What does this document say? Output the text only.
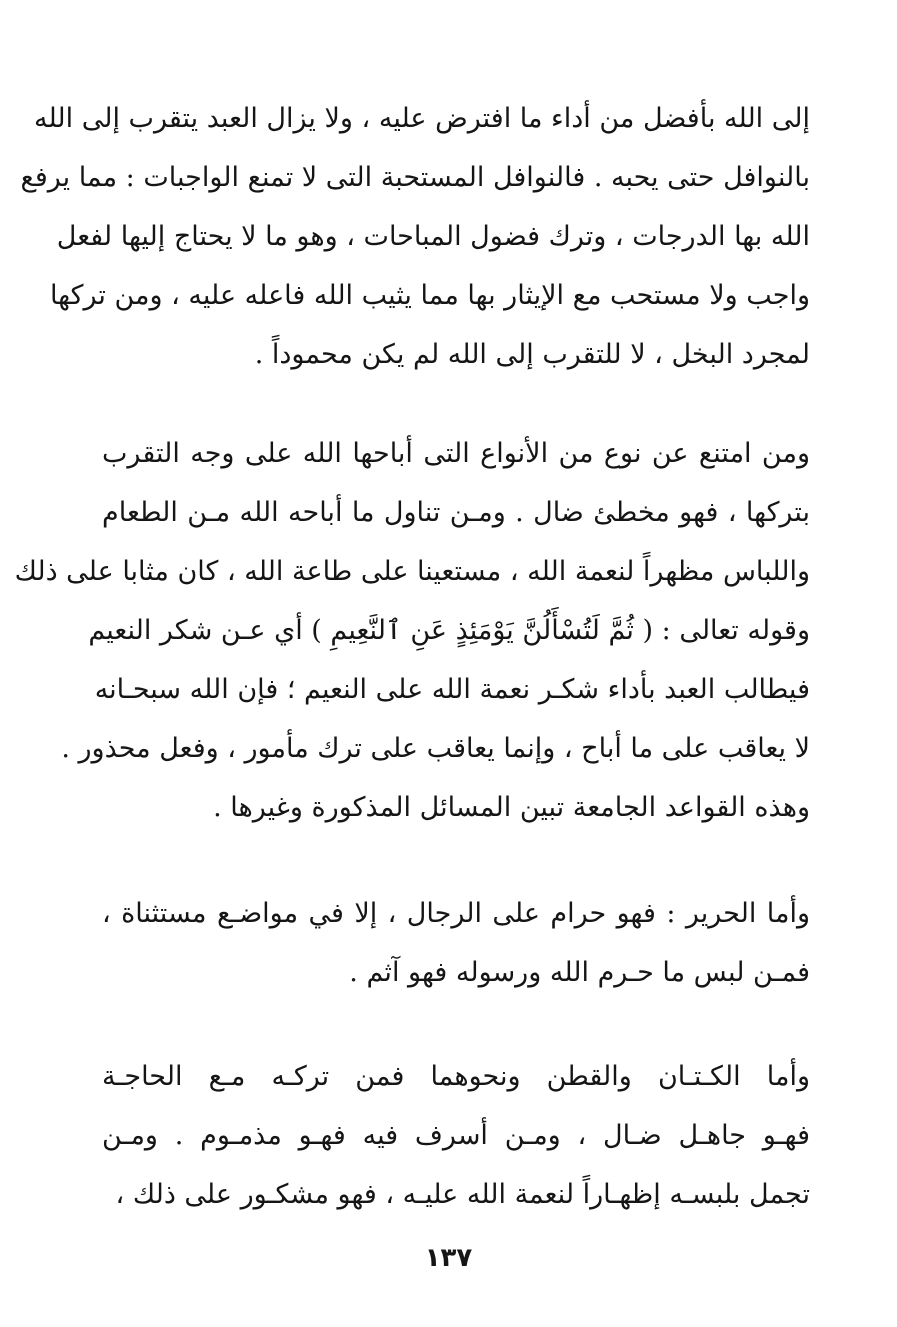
إلى الله بأفضل من أداء ما افترض عليه ، ولا يزال العبد يتقرب إلى الله
بالنوافل حتى يحبه . فالنوافل المستحبة التى لا تمنع الواجبات : مما يرفع
الله بها الدرجات ، وترك فضول المباحات ، وهو ما لا يحتاج إليها لفعل
واجب ولا مستحب مع الإيثار بها مما يثيب الله فاعله عليه ، ومن تركها
لمجرد البخل ، لا للتقرب إلى الله لم يكن محموداً .
ومن امتنع عن نوع من الأنواع التى أباحها الله على وجه التقرب
بتركها ، فهو مخطئ ضال . ومـن تناول ما أباحه الله مـن الطعام
واللباس مظهراً لنعمة الله ، مستعينا على طاعة الله ، كان مثابا على ذلك
وقوله تعالى : ( ثُمَّ لَتُسْأَلُنَّ يَوْمَئِذٍ عَنِ ٱلنَّعِيمِ ) أي عـن شكر النعيم
فيطالب العبد بأداء شكـر نعمة الله على النعيم ؛ فإن الله سبحـانه
لا يعاقب على ما أباح ، وإنما يعاقب على ترك مأمور ، وفعل محذور .
وهذه القواعد الجامعة تبين المسائل المذكورة وغيرها .
وأما الحرير : فهو حرام على الرجال ، إلا في مواضـع مستثناة ،
فمـن لبس ما حـرم الله ورسوله فهو آثم .
وأما الكـتـان والقطن ونحوهما فمن تركـه مـع الحاجـة
فهـو جاهـل ضـال ، ومـن أسرف فيه فهـو مذمـوم . ومـن
تجمل بلبسـه إظهـاراً لنعمة الله عليـه ، فهو مشكـور على ذلك ،
١٣٧
